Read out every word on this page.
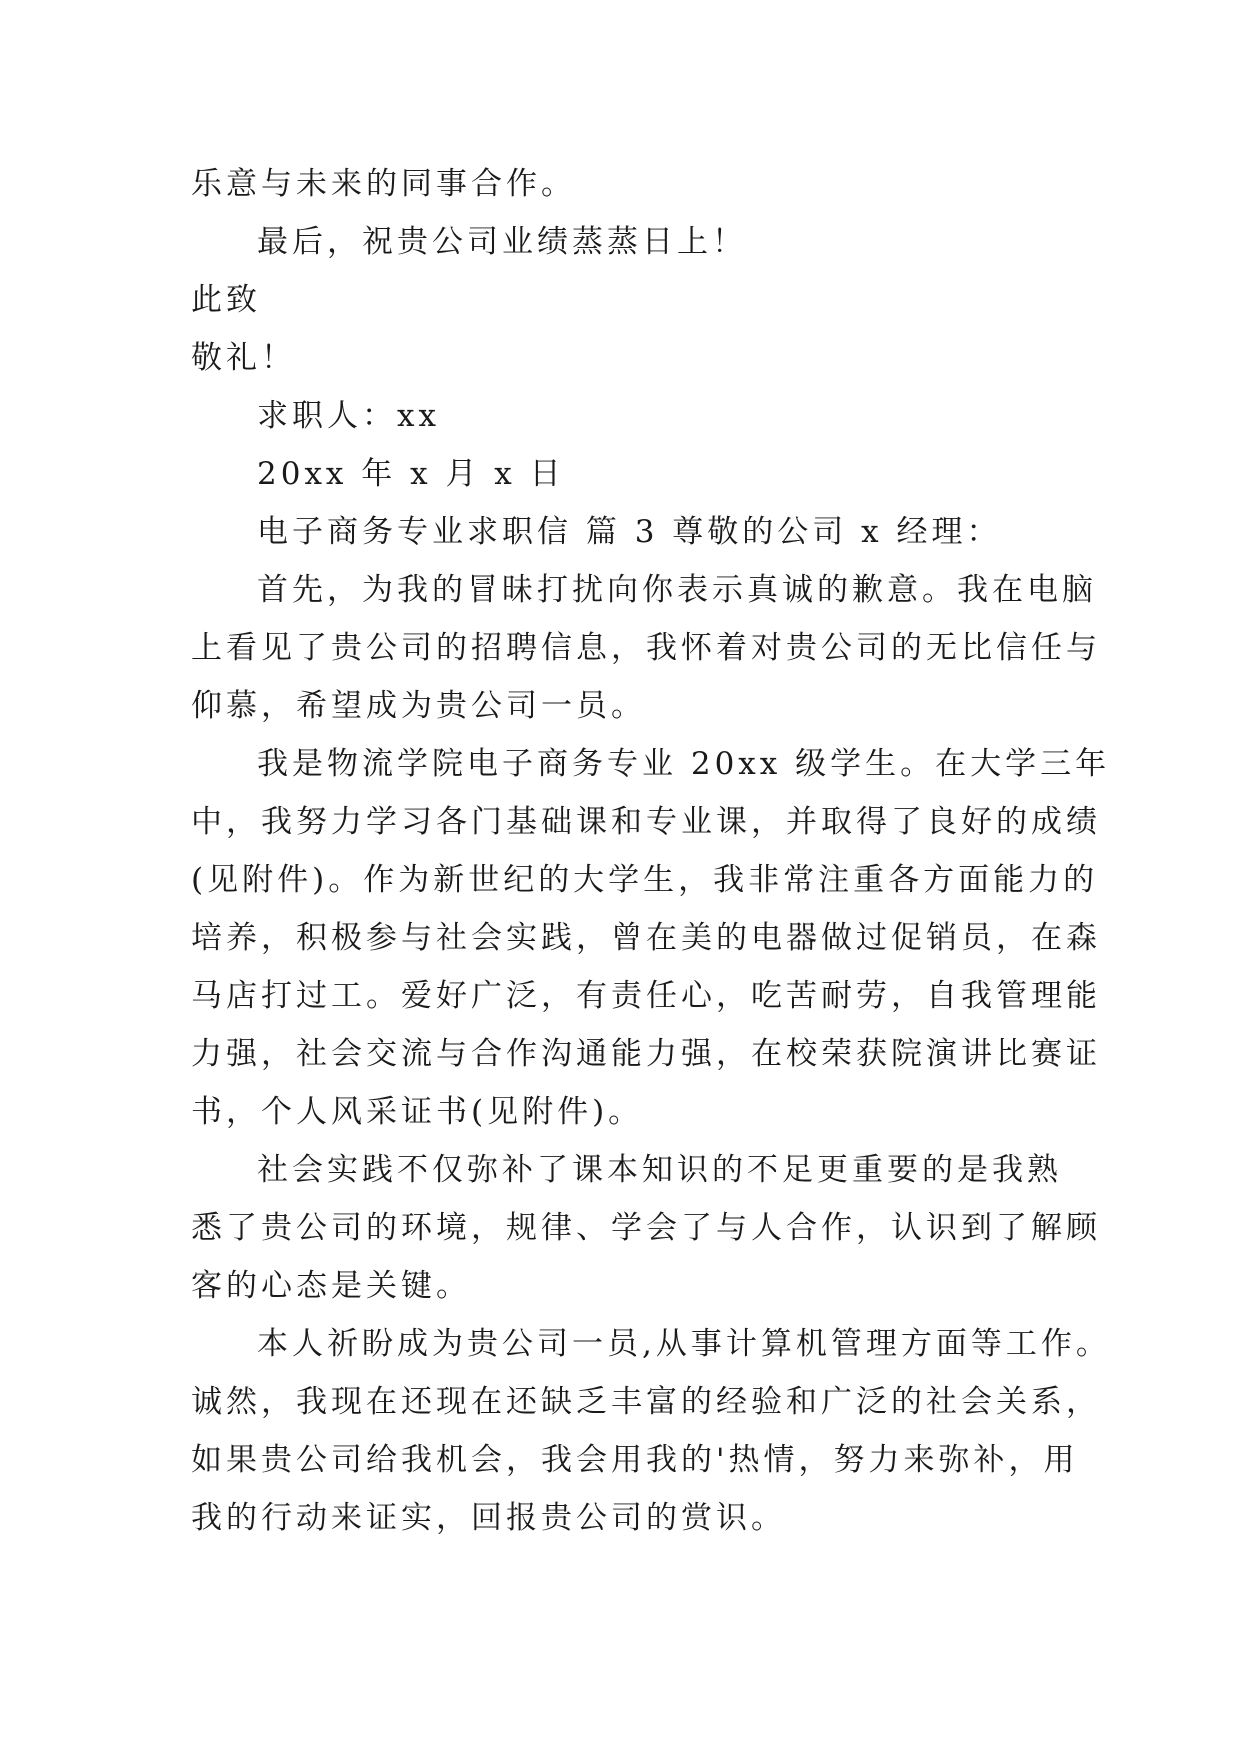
乐意与未来的同事合作。
最后，祝贵公司业绩蒸蒸日上！
此致
敬礼！
求职人：xx
20xx 年 x 月 x 日
电子商务专业求职信 篇 3 尊敬的公司 x 经理：
首先，为我的冒昧打扰向你表示真诚的歉意。我在电脑
上看见了贵公司的招聘信息，我怀着对贵公司的无比信任与
仰慕，希望成为贵公司一员。
我是物流学院电子商务专业 20xx 级学生。在大学三年
中，我努力学习各门基础课和专业课，并取得了良好的成绩
(见附件)。作为新世纪的大学生，我非常注重各方面能力的
培养，积极参与社会实践，曾在美的电器做过促销员，在森
马店打过工。爱好广泛，有责任心，吃苦耐劳，自我管理能
力强，社会交流与合作沟通能力强，在校荣获院演讲比赛证
书，个人风采证书(见附件)。
社会实践不仅弥补了课本知识的不足更重要的是我熟
悉了贵公司的环境，规律、学会了与人合作，认识到了解顾
客的心态是关键。
本人祈盼成为贵公司一员,从事计算机管理方面等工作。
诚然，我现在还现在还缺乏丰富的经验和广泛的社会关系，
如果贵公司给我机会，我会用我的'热情，努力来弥补，用
我的行动来证实，回报贵公司的赏识。
